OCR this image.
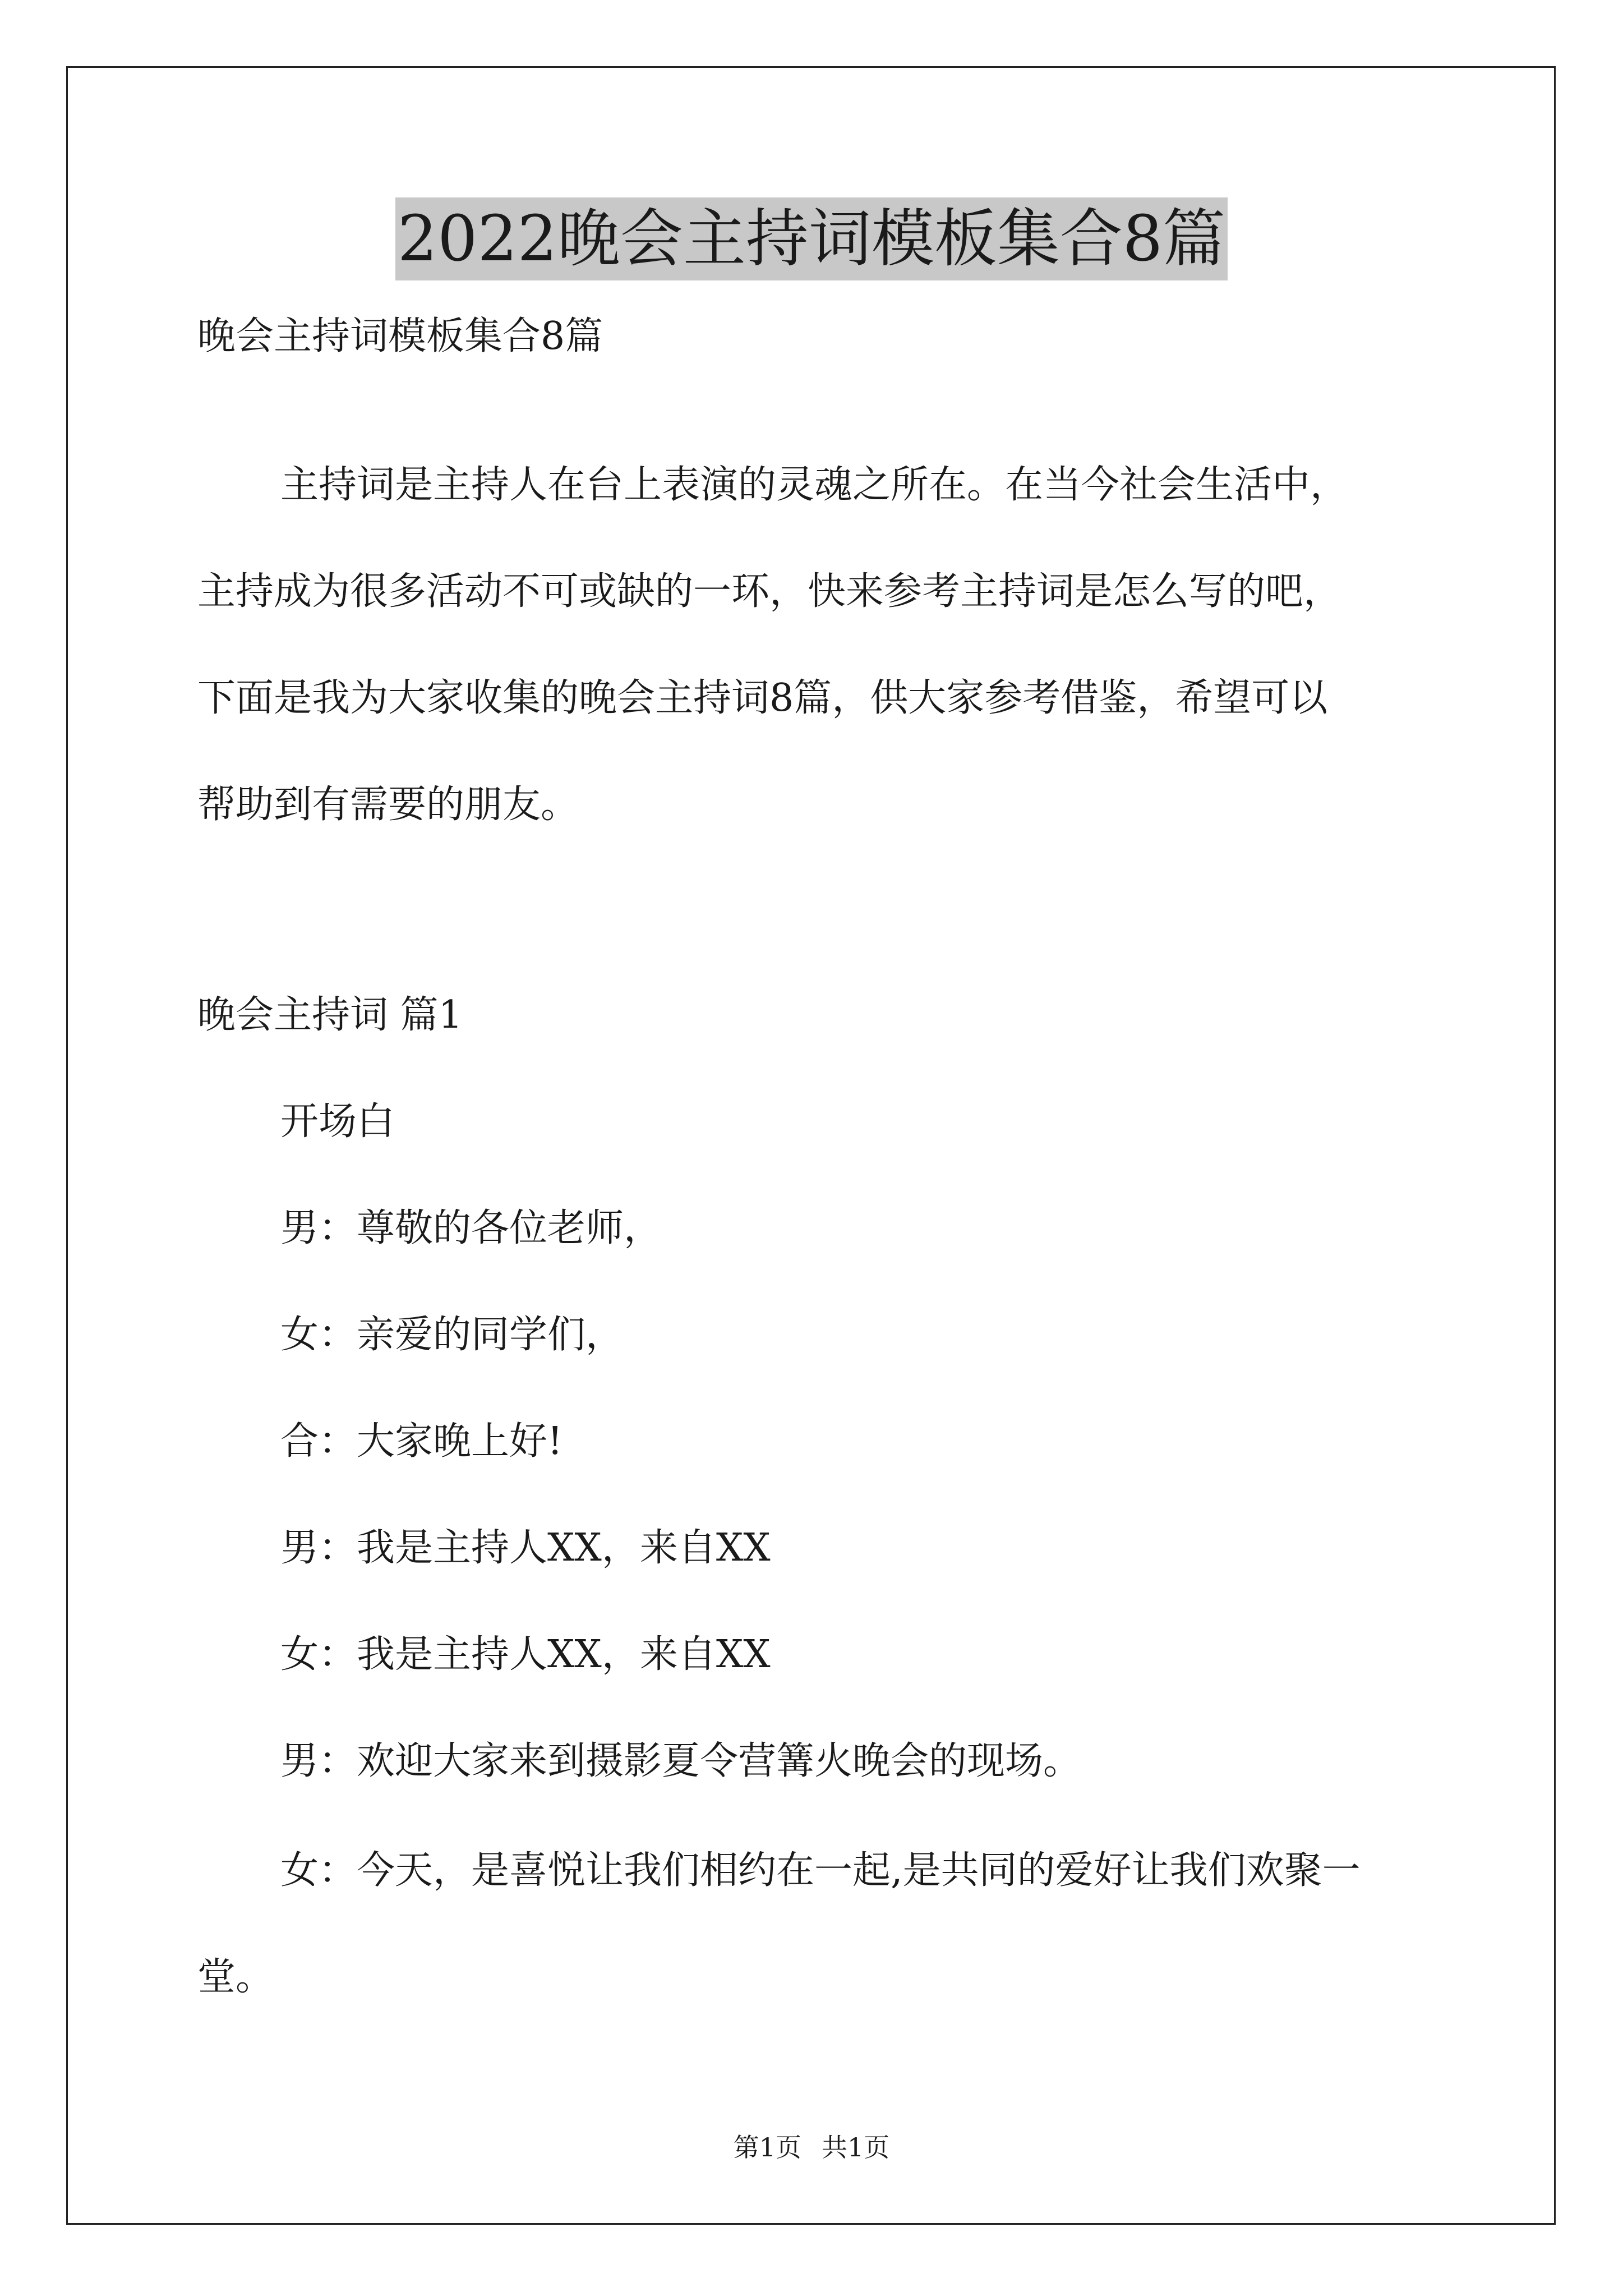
2022晚会主持词模板集合8篇
晚会主持词模板集合8篇
主持词是主持人在台上表演的灵魂之所在。在当今社会生活中，
主持成为很多活动不可或缺的一环，快来参考主持词是怎么写的吧，
下面是我为大家收集的晚会主持词8篇，供大家参考借鉴，希望可以
帮助到有需要的朋友。
晚会主持词 篇1
开场白
男：尊敬的各位老师，
女：亲爱的同学们，
合：大家晚上好!
男：我是主持人XX，来自XX
女：我是主持人XX，来自XX
男：欢迎大家来到摄影夏令营篝火晚会的现场。
女：今天，是喜悦让我们相约在一起,是共同的爱好让我们欢聚一
堂。
第1页 共1页
